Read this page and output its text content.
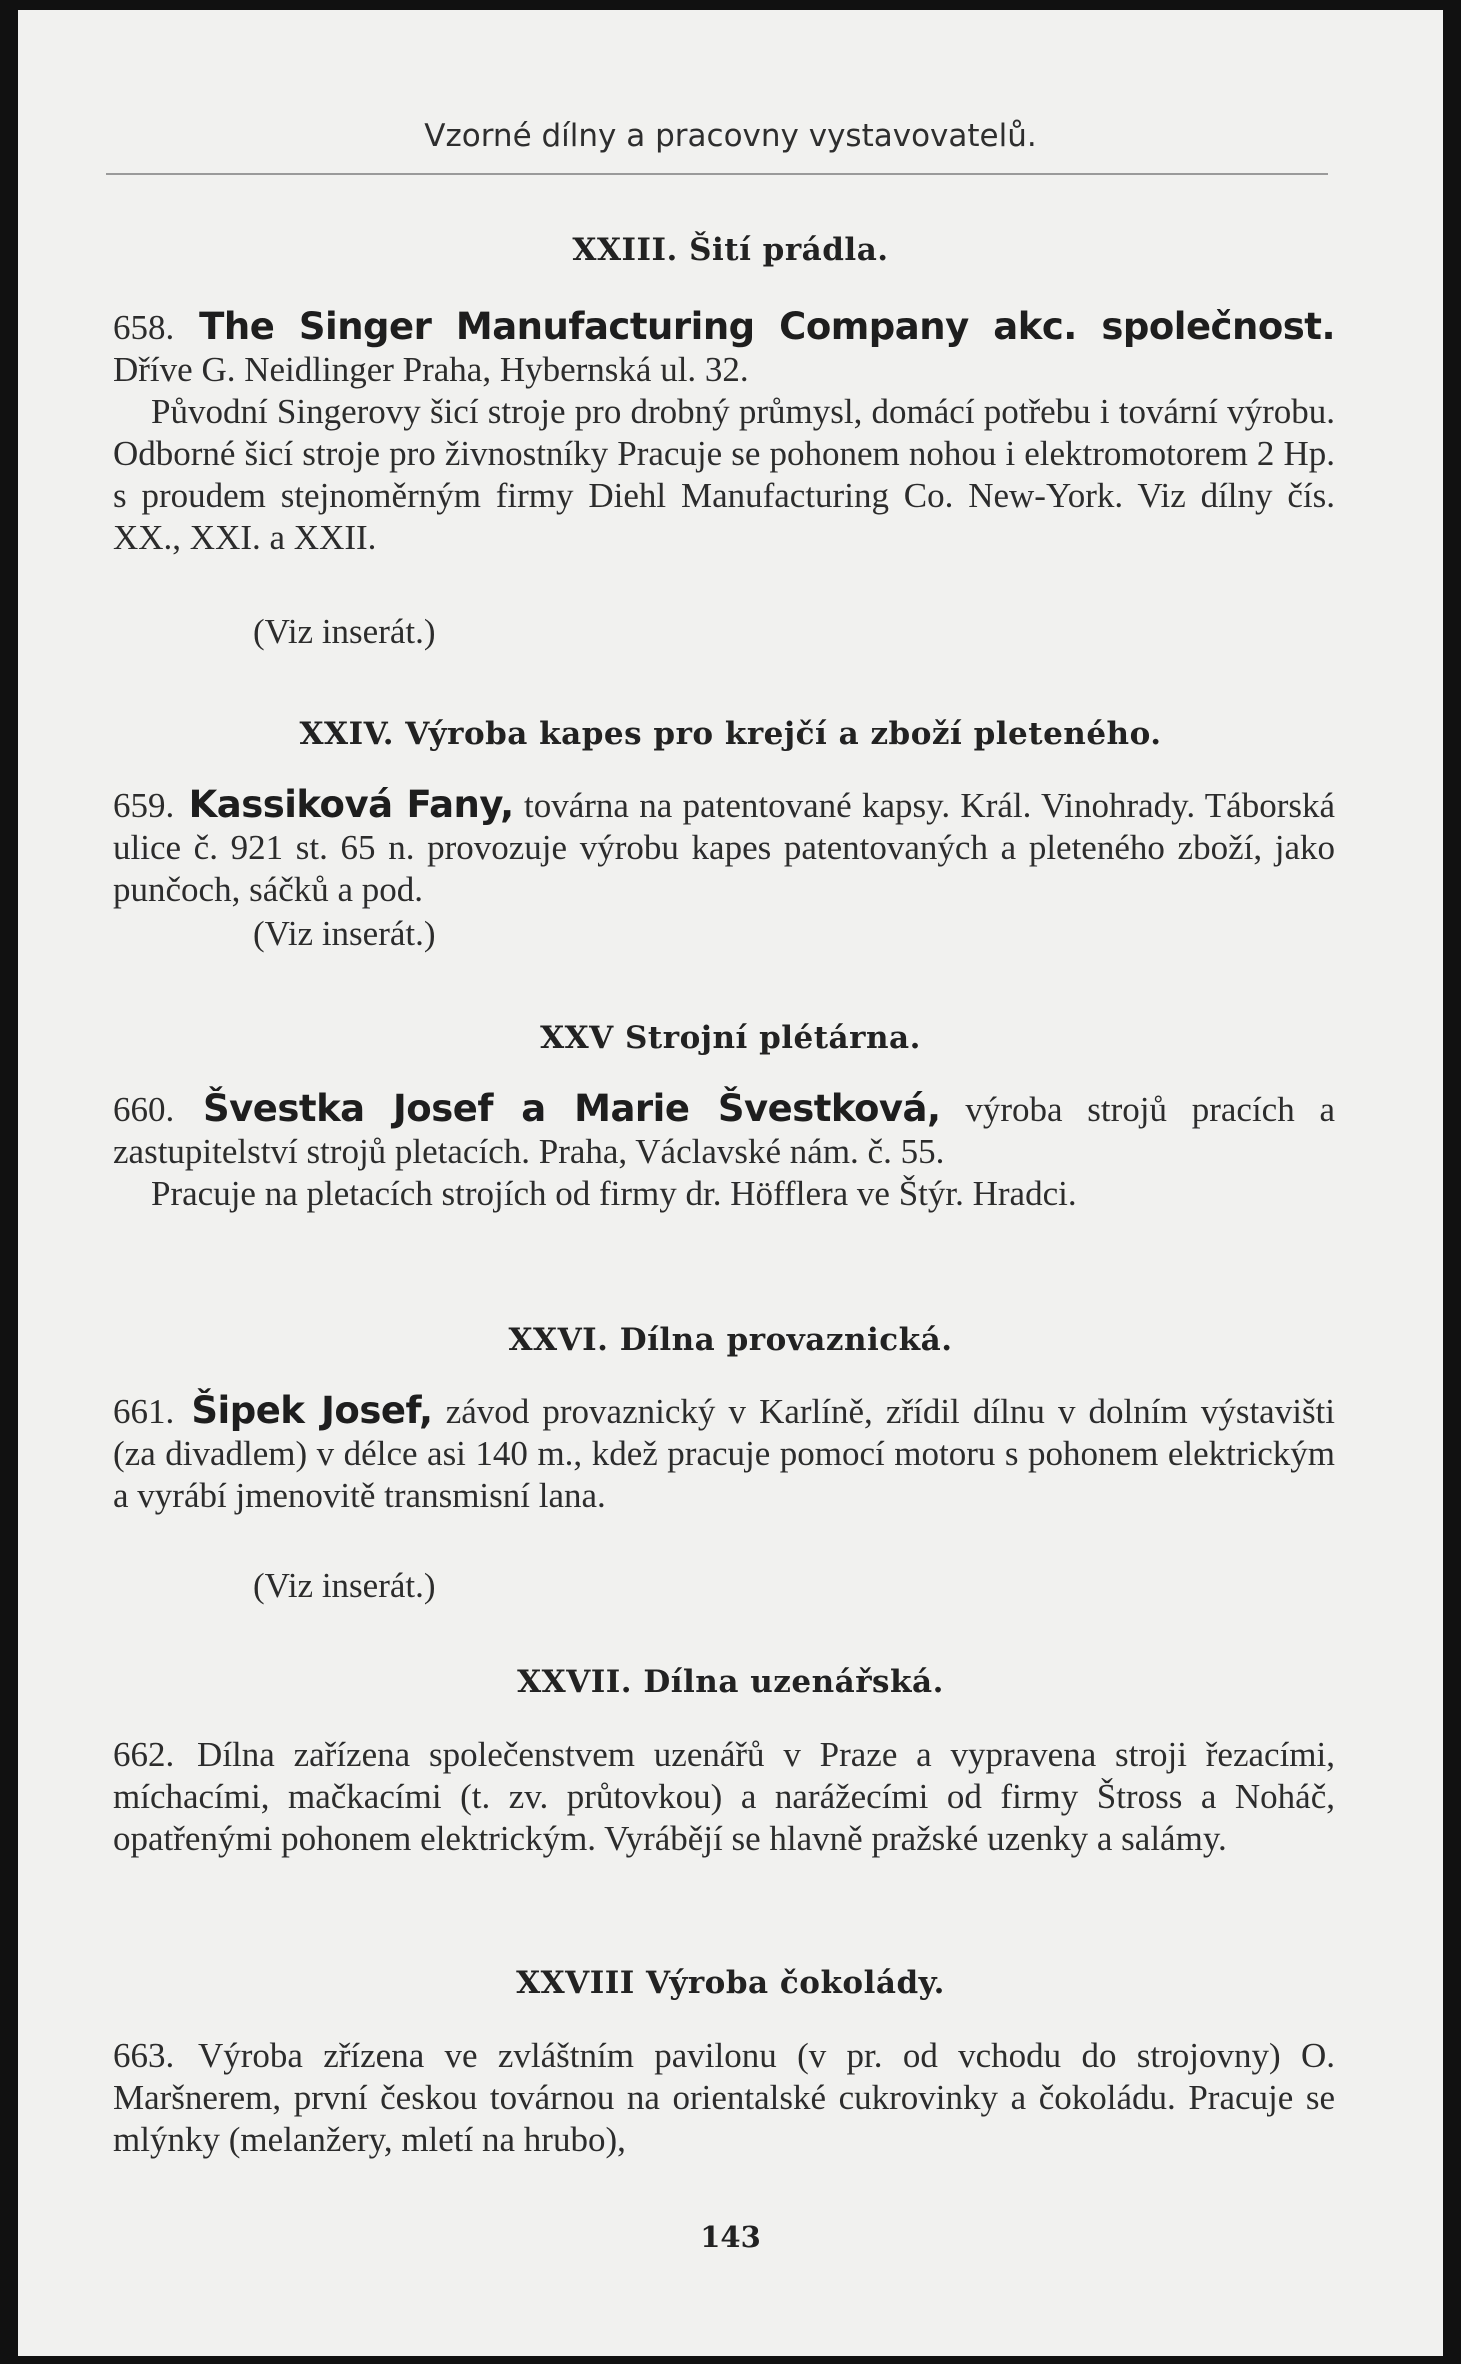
Vzorné dílny a pracovny vystavovatelů.
XXIII. Šití prádla.
658. The Singer Manufacturing Company akc. společnost. Dříve G. Neidlinger Praha, Hybernská ul. 32.
Původní Singerovy šicí stroje pro drobný průmysl, domácí potřebu i tovární výrobu. Odborné šicí stroje pro živnostníky Pracuje se pohonem nohou i elektromotorem 2 Hp. s proudem stejnoměrným firmy Diehl Manufacturing Co. New-York. Viz dílny čís. XX., XXI. a XXII.
(Viz inserát.)
XXIV. Výroba kapes pro krejčí a zboží pleteného.
659. Kassiková Fany, továrna na patentované kapsy. Král. Vinohrady. Táborská ulice č. 921 st. 65 n. provozuje výrobu kapes patentovaných a pleteného zboží, jako punčoch, sáčků a pod.
(Viz inserát.)
XXV Strojní plétárna.
660. Švestka Josef a Marie Švestková, výroba strojů pracích a zastupitelství strojů pletacích. Praha, Václavské nám. č. 55.
Pracuje na pletacích strojích od firmy dr. Höfflera ve Štýr. Hradci.
XXVI. Dílna provaznická.
661. Šipek Josef, závod provaznický v Karlíně, zřídil dílnu v dolním výstavišti (za divadlem) v délce asi 140 m., kdež pracuje pomocí motoru s pohonem elektrickým a vyrábí jmenovitě transmisní lana.
(Viz inserát.)
XXVII. Dílna uzenářská.
662. Dílna zařízena společenstvem uzenářů v Praze a vypravena stroji řezacími, míchacími, mačkacími (t. zv. průtovkou) a narážecími od firmy Štross a Noháč, opatřenými pohonem elektrickým. Vyrábějí se hlavně pražské uzenky a salámy.
XXVIII Výroba čokolády.
663. Výroba zřízena ve zvláštním pavilonu (v pr. od vchodu do strojovny) O. Maršnerem, první českou továrnou na orientalské cukrovinky a čokoládu. Pracuje se mlýnky (melanžery, mletí na hrubo),
143
